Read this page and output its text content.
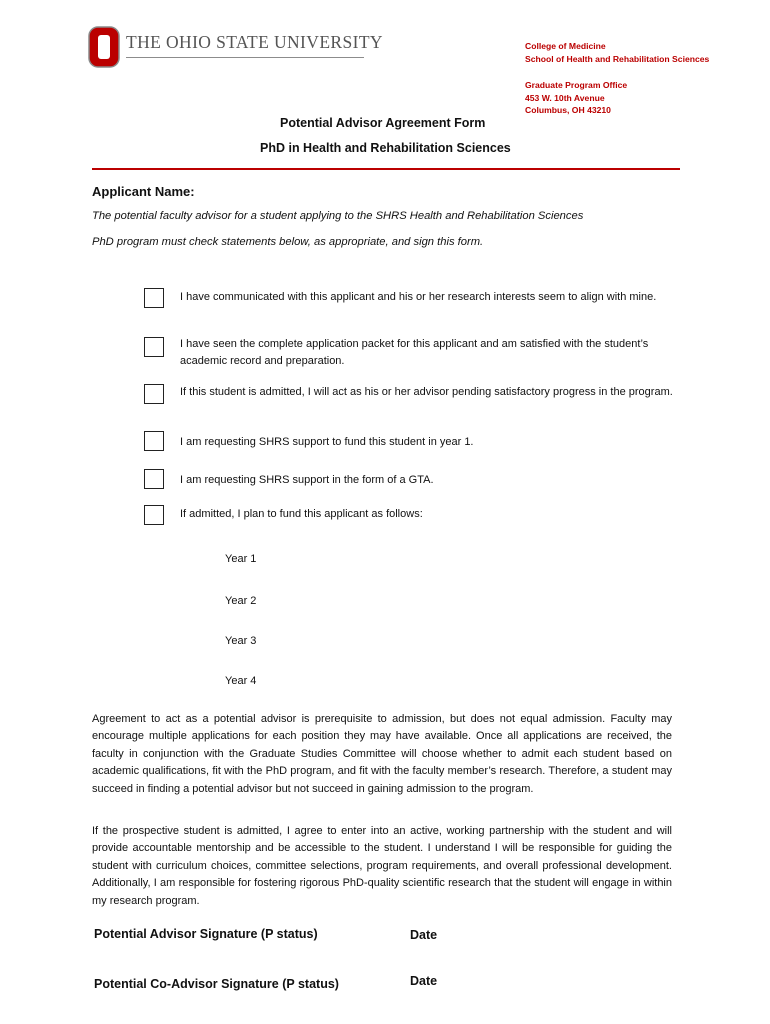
THE OHIO STATE UNIVERSITY	College of Medicine
School of Health and Rehabilitation Sciences
Graduate Program Office
453 W. 10th Avenue
Columbus, OH 43210
Potential Advisor Agreement Form
PhD in Health and Rehabilitation Sciences
Applicant Name:
The potential faculty advisor for a student applying to the SHRS Health and Rehabilitation Sciences
PhD program must check statements below, as appropriate, and sign this form.
I have communicated with this applicant and his or her research interests seem to align with mine.
I have seen the complete application packet for this applicant and am satisfied with the student’s academic record and preparation.
If this student is admitted, I will act as his or her advisor pending satisfactory progress in the program.
I am requesting SHRS support to fund this student in year 1.
I am requesting SHRS support in the form of a GTA.
If admitted, I plan to fund this applicant as follows:
Year 1
Year 2
Year 3
Year 4
Agreement to act as a potential advisor is prerequisite to admission, but does not equal admission. Faculty may encourage multiple applications for each position they may have available. Once all applications are received, the faculty in conjunction with the Graduate Studies Committee will choose whether to admit each student based on academic qualifications, fit with the PhD program, and fit with the faculty member’s research. Therefore, a student may succeed in finding a potential advisor but not succeed in gaining admission to the program.
If the prospective student is admitted, I agree to enter into an active, working partnership with the student and will provide accountable mentorship and be accessible to the student. I understand I will be responsible for guiding the student with curriculum choices, committee selections, program requirements, and overall professional development. Additionally, I am responsible for fostering rigorous PhD-quality scientific research that the student will engage in within my research program.
Potential Advisor Signature (P status)	Date
Potential Co-Advisor Signature (P status)	Date
